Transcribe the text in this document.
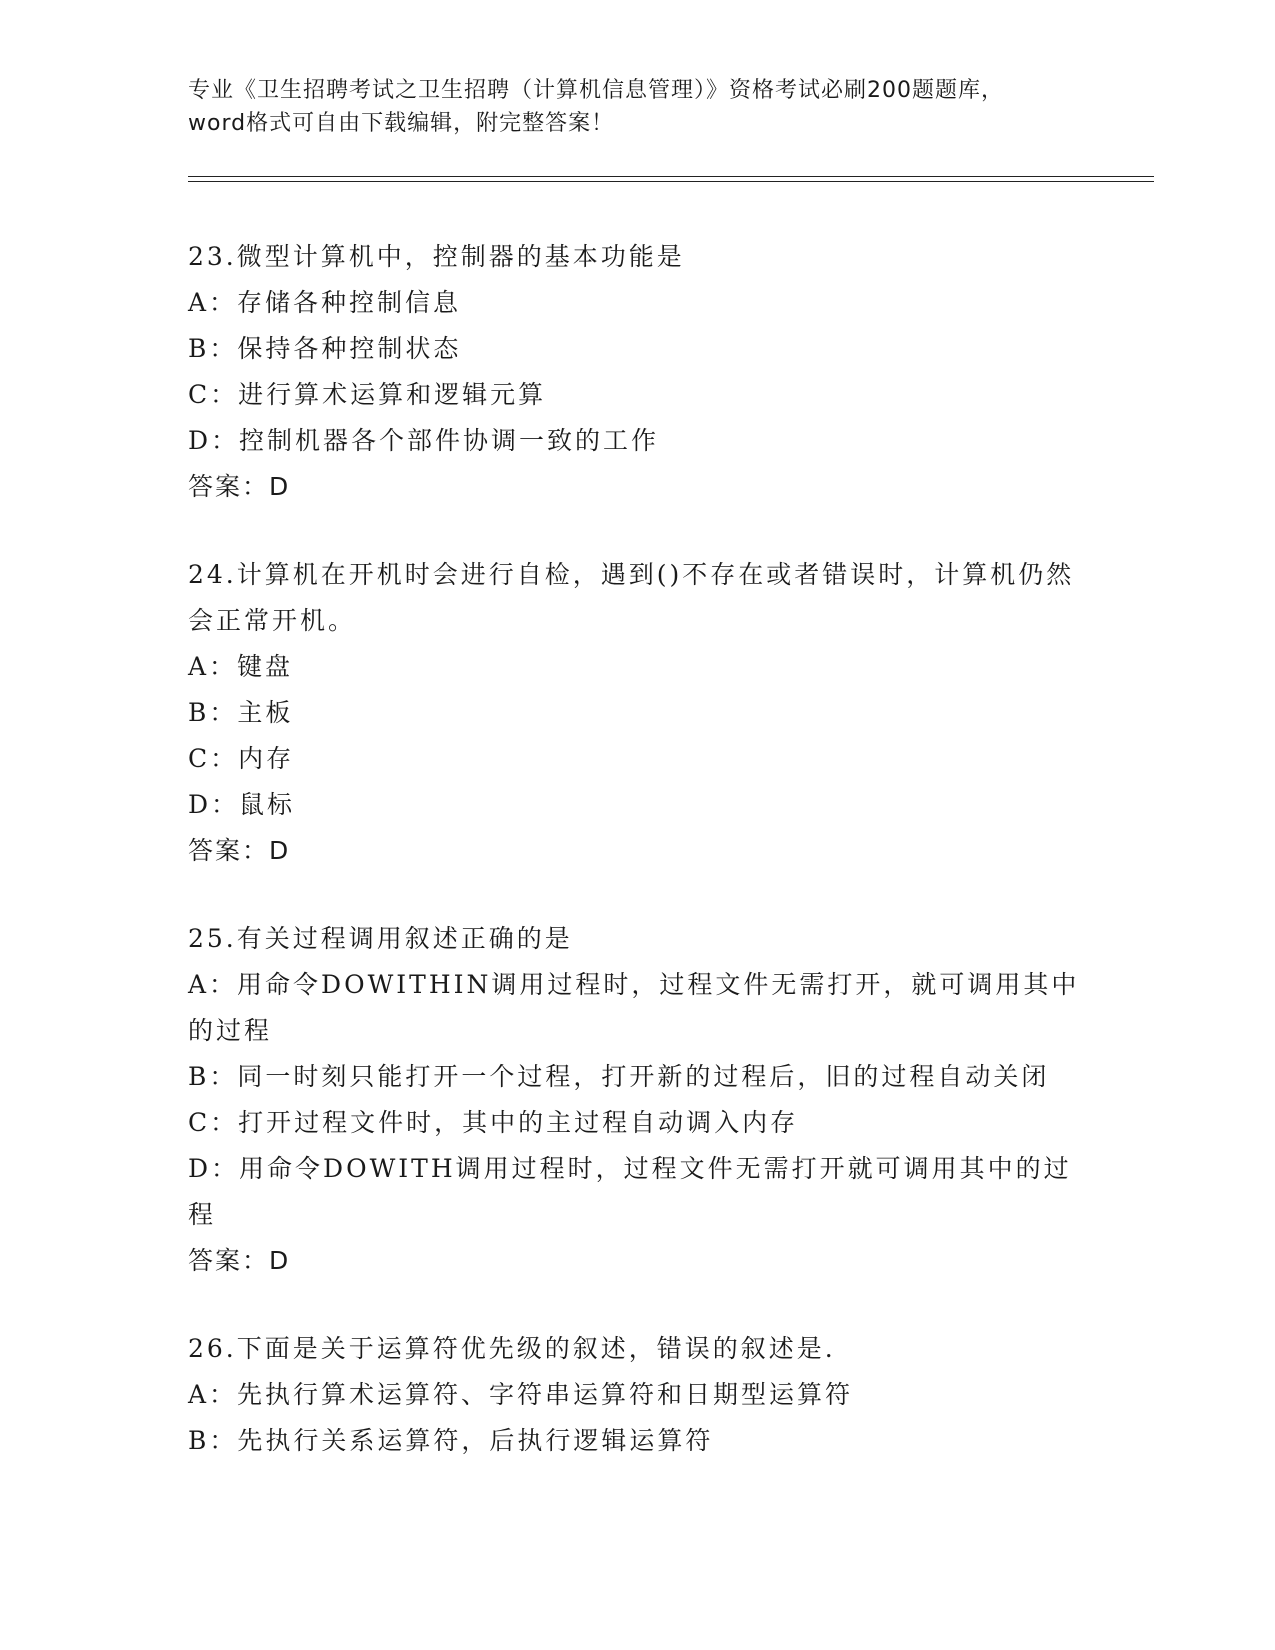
专业《卫生招聘考试之卫生招聘（计算机信息管理）》资格考试必刷200题题库，
word格式可自由下载编辑，附完整答案！
23.微型计算机中，控制器的基本功能是
A：存储各种控制信息
B：保持各种控制状态
C：进行算术运算和逻辑元算
D：控制机器各个部件协调一致的工作
答案：D
24.计算机在开机时会进行自检，遇到()不存在或者错误时，计算机仍然会正常开机。
A：键盘
B：主板
C：内存
D：鼠标
答案：D
25.有关过程调用叙述正确的是
A：用命令DOWITHIN调用过程时，过程文件无需打开，就可调用其中的过程
B：同一时刻只能打开一个过程，打开新的过程后，旧的过程自动关闭
C：打开过程文件时，其中的主过程自动调入内存
D：用命令DOWITH调用过程时，过程文件无需打开就可调用其中的过程
答案：D
26.下面是关于运算符优先级的叙述，错误的叙述是.
A：先执行算术运算符、字符串运算符和日期型运算符
B：先执行关系运算符，后执行逻辑运算符
